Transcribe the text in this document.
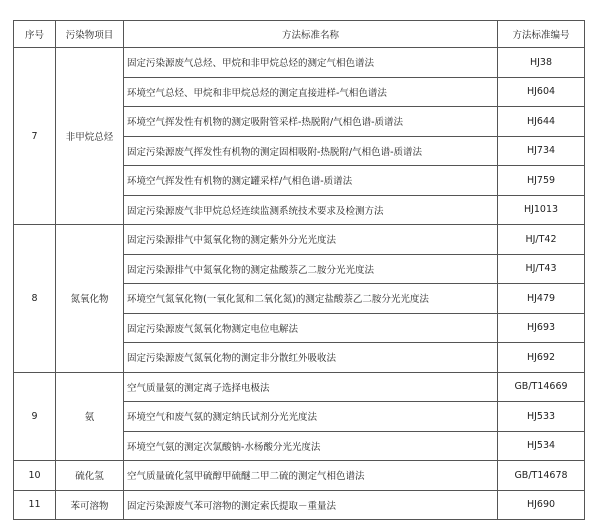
序号	污染物项目	方法标准名称	方法标准编号
7	非甲烷总烃	固定污染源废气总烃、甲烷和非甲烷总烃的测定气相色谱法	HJ38
		环境空气总烃、甲烷和非甲烷总烃的测定直接进样-气相色谱法	HJ604
		环境空气挥发性有机物的测定吸附管采样-热脱附/气相色谱-质谱法	HJ644
		固定污染源废气挥发性有机物的测定固相吸附-热脱附/气相色谱-质谱法	HJ734
		环境空气挥发性有机物的测定罐采样/气相色谱-质谱法	HJ759
		固定污染源废气非甲烷总烃连续监测系统技术要求及检测方法	HJ1013
8	氮氧化物	固定污染源排气中氮氧化物的测定紫外分光光度法	HJ/T42
		固定污染源排气中氮氧化物的测定盐酸萘乙二胺分光光度法	HJ/T43
		环境空气氮氧化物(一氧化氮和二氧化氮)的测定盐酸萘乙二胺分光光度法	HJ479
		固定污染源废气氮氧化物测定电位电解法	HJ693
		固定污染源废气氮氧化物的测定非分散红外吸收法	HJ692
9	氨	空气质量氨的测定离子选择电极法	GB/T14669
		环境空气和废气氨的测定纳氏试剂分光光度法	HJ533
		环境空气氨的测定次氯酸钠-水杨酸分光光度法	HJ534
10	硫化氢	空气质量硫化氢甲硫醇甲硫醚二甲二硫的测定气相色谱法	GB/T14678
11	苯可溶物	固定污染源废气苯可溶物的测定索氏提取－重量法	HJ690
